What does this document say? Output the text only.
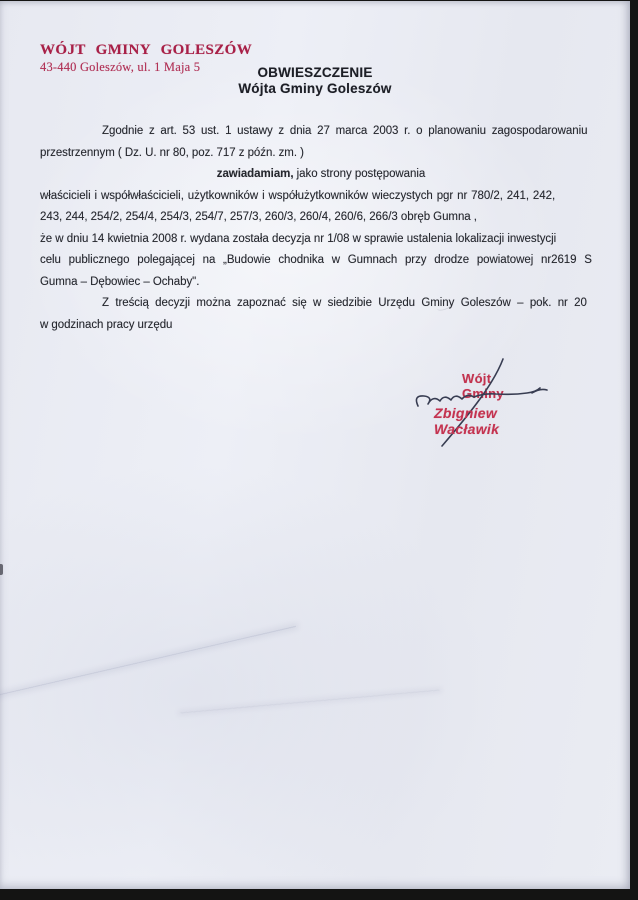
WÓJT GMINY GOLESZÓW
43-440 Goleszów, ul. 1 Maja 5	OBWIESZCZENIE
Wójta Gminy Goleszów
Zgodnie z art. 53 ust. 1 ustawy z dnia 27 marca 2003 r. o planowaniu zagospodarowaniu
przestrzennym ( Dz. U. nr 80, poz. 717 z późn. zm. )
zawiadamiam, jako strony postępowania
właścicieli i współwłaścicieli, użytkowników i współużytkowników wieczystych pgr nr 780/2, 241, 242,
243, 244, 254/2, 254/4, 254/3, 254/7, 257/3, 260/3, 260/4, 260/6, 266/3 obręb Gumna ,
że w dniu 14 kwietnia 2008 r. wydana została decyzja nr 1/08 w sprawie ustalenia lokalizacji inwestycji
celu publicznego polegającej na „Budowie chodnika w Gumnach przy drodze powiatowej nr2619 S
Gumna – Dębowiec – Ochaby".
Z treścią decyzji można zapoznać się w siedzibie Urzędu Gminy Goleszów – pok. nr 20
w godzinach pracy urzędu
Wójt Gminy
Zbigniew Wacławik
